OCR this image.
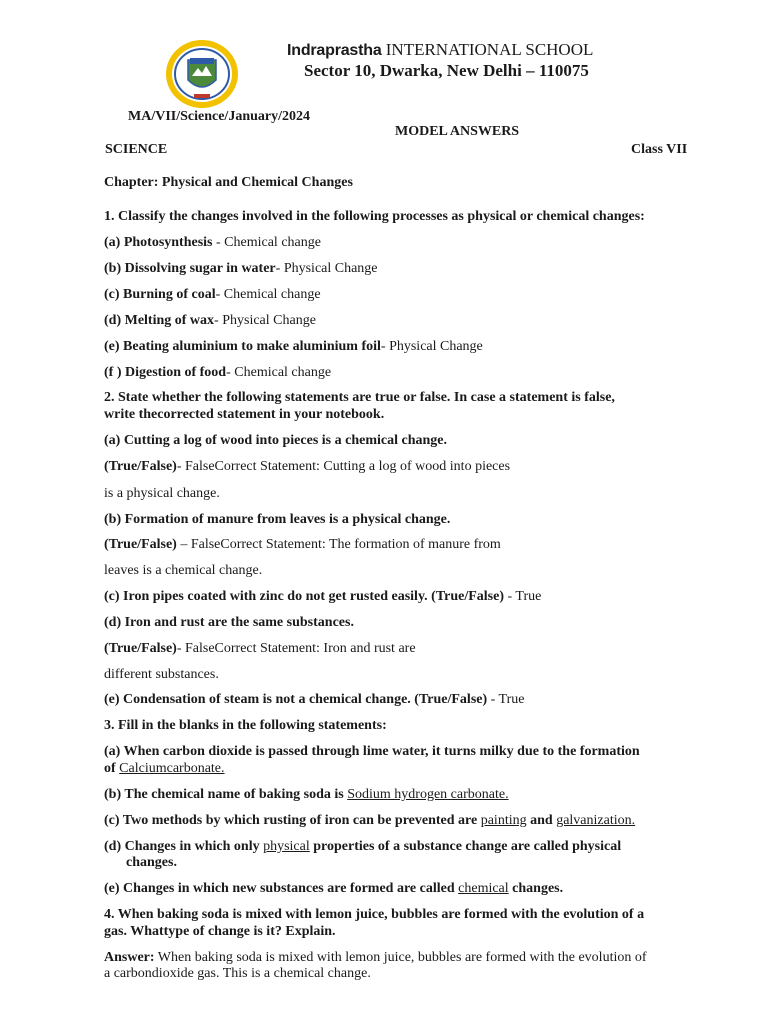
Indraprastha INTERNATIONAL SCHOOL
Sector 10, Dwarka, New Delhi – 110075
MA/VII/Science/January/2024
MODEL ANSWERS
SCIENCE	Class VII
Chapter: Physical and Chemical Changes
1. Classify the changes involved in the following processes as physical or chemical changes:
(a) Photosynthesis - Chemical change
(b) Dissolving sugar in water- Physical Change
(c) Burning of coal- Chemical change
(d) Melting of wax- Physical Change
(e) Beating aluminium to make aluminium foil- Physical Change
(f ) Digestion of food- Chemical change
2. State whether the following statements are true or false. In case a statement is false,
write thecorrected statement in your notebook.
(a) Cutting a log of wood into pieces is a chemical change.
(True/False)- FalseCorrect Statement: Cutting a log of wood into pieces
is a physical change.
(b) Formation of manure from leaves is a physical change.
(True/False) – FalseCorrect Statement: The formation of manure from
leaves is a chemical change.
(c) Iron pipes coated with zinc do not get rusted easily. (True/False) - True
(d) Iron and rust are the same substances.
(True/False)- FalseCorrect Statement: Iron and rust are
different substances.
(e) Condensation of steam is not a chemical change. (True/False) - True
3. Fill in the blanks in the following statements:
(a) When carbon dioxide is passed through lime water, it turns milky due to the formation
of Calciumcarbonate.
(b) The chemical name of baking soda is Sodium hydrogen carbonate.
(c) Two methods by which rusting of iron can be prevented are painting and galvanization.
(d) Changes in which only physical properties of a substance change are called physical
changes.
(e) Changes in which new substances are formed are called chemical changes.
4. When baking soda is mixed with lemon juice, bubbles are formed with the evolution of a
gas. Whattype of change is it? Explain.
Answer: When baking soda is mixed with lemon juice, bubbles are formed with the evolution of
a carbondioxide gas. This is a chemical change.
